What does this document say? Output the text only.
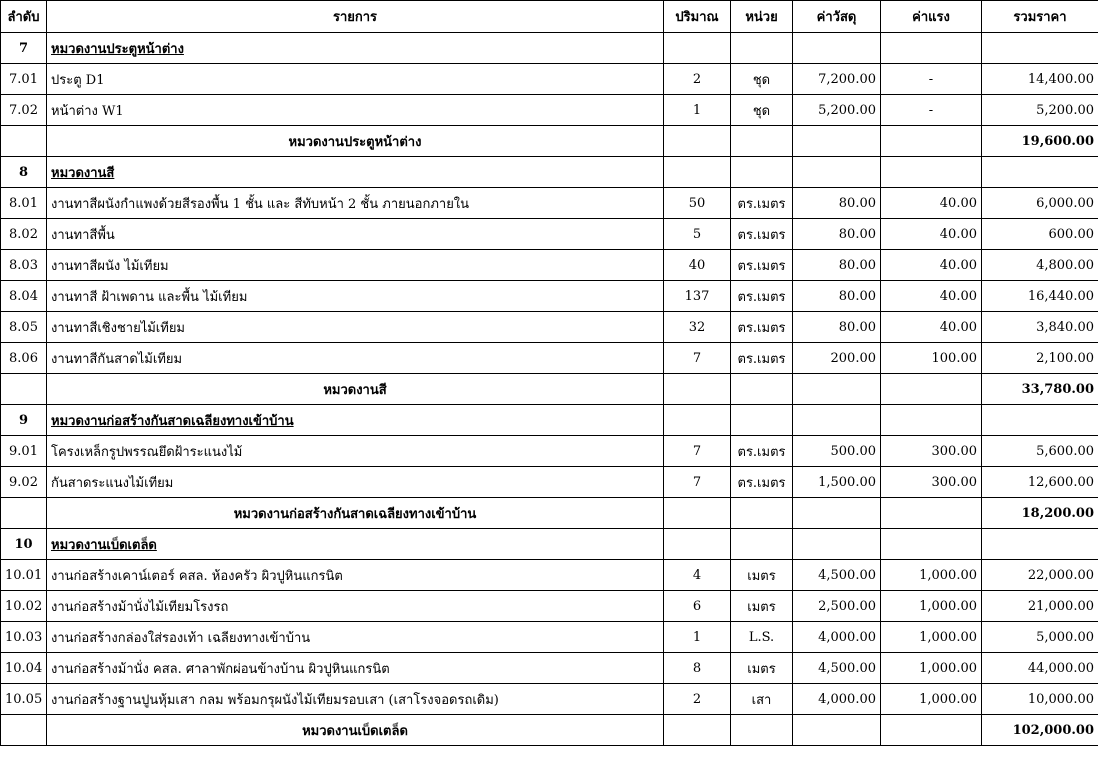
ลำดับ	รายการ	ปริมาณ	หน่วย	ค่าวัสดุ	ค่าแรง	รวมราคา
7	หมวดงานประตูหน้าต่าง					
7.01	ประตู D1	2	ชุด	7,200.00	-	14,400.00
7.02	หน้าต่าง W1	1	ชุด	5,200.00	-	5,200.00
	หมวดงานประตูหน้าต่าง					19,600.00
8	หมวดงานสี					
8.01	งานทาสีผนังกำแพงด้วยสีรองพื้น 1 ชั้น และ สีทับหน้า 2 ชั้น ภายนอกภายใน	50	ตร.เมตร	80.00	40.00	6,000.00
8.02	งานทาสีพื้น	5	ตร.เมตร	80.00	40.00	600.00
8.03	งานทาสีผนัง ไม้เทียม	40	ตร.เมตร	80.00	40.00	4,800.00
8.04	งานทาสี ฝ้าเพดาน และพื้น ไม้เทียม	137	ตร.เมตร	80.00	40.00	16,440.00
8.05	งานทาสีเชิงชายไม้เทียม	32	ตร.เมตร	80.00	40.00	3,840.00
8.06	งานทาสีกันสาดไม้เทียม	7	ตร.เมตร	200.00	100.00	2,100.00
	หมวดงานสี					33,780.00
9	หมวดงานก่อสร้างกันสาดเฉลียงทางเข้าบ้าน					
9.01	โครงเหล็กรูปพรรณยึดฝ้าระแนงไม้	7	ตร.เมตร	500.00	300.00	5,600.00
9.02	กันสาดระแนงไม้เทียม	7	ตร.เมตร	1,500.00	300.00	12,600.00
	หมวดงานก่อสร้างกันสาดเฉลียงทางเข้าบ้าน					18,200.00
10	หมวดงานเบ็ดเตล็ด					
10.01	งานก่อสร้างเคาน์เตอร์ คสล. ห้องครัว ผิวปูหินแกรนิต	4	เมตร	4,500.00	1,000.00	22,000.00
10.02	งานก่อสร้างม้านั่งไม้เทียมโรงรถ	6	เมตร	2,500.00	1,000.00	21,000.00
10.03	งานก่อสร้างกล่องใส่รองเท้า เฉลียงทางเข้าบ้าน	1	L.S.	4,000.00	1,000.00	5,000.00
10.04	งานก่อสร้างม้านั่ง คสล. ศาลาพักผ่อนข้างบ้าน ผิวปูหินแกรนิต	8	เมตร	4,500.00	1,000.00	44,000.00
10.05	งานก่อสร้างฐานปูนหุ้มเสา กลม พร้อมกรุผนังไม้เทียมรอบเสา (เสาโรงจอดรถเดิม)	2	เสา	4,000.00	1,000.00	10,000.00
	หมวดงานเบ็ดเตล็ด					102,000.00
